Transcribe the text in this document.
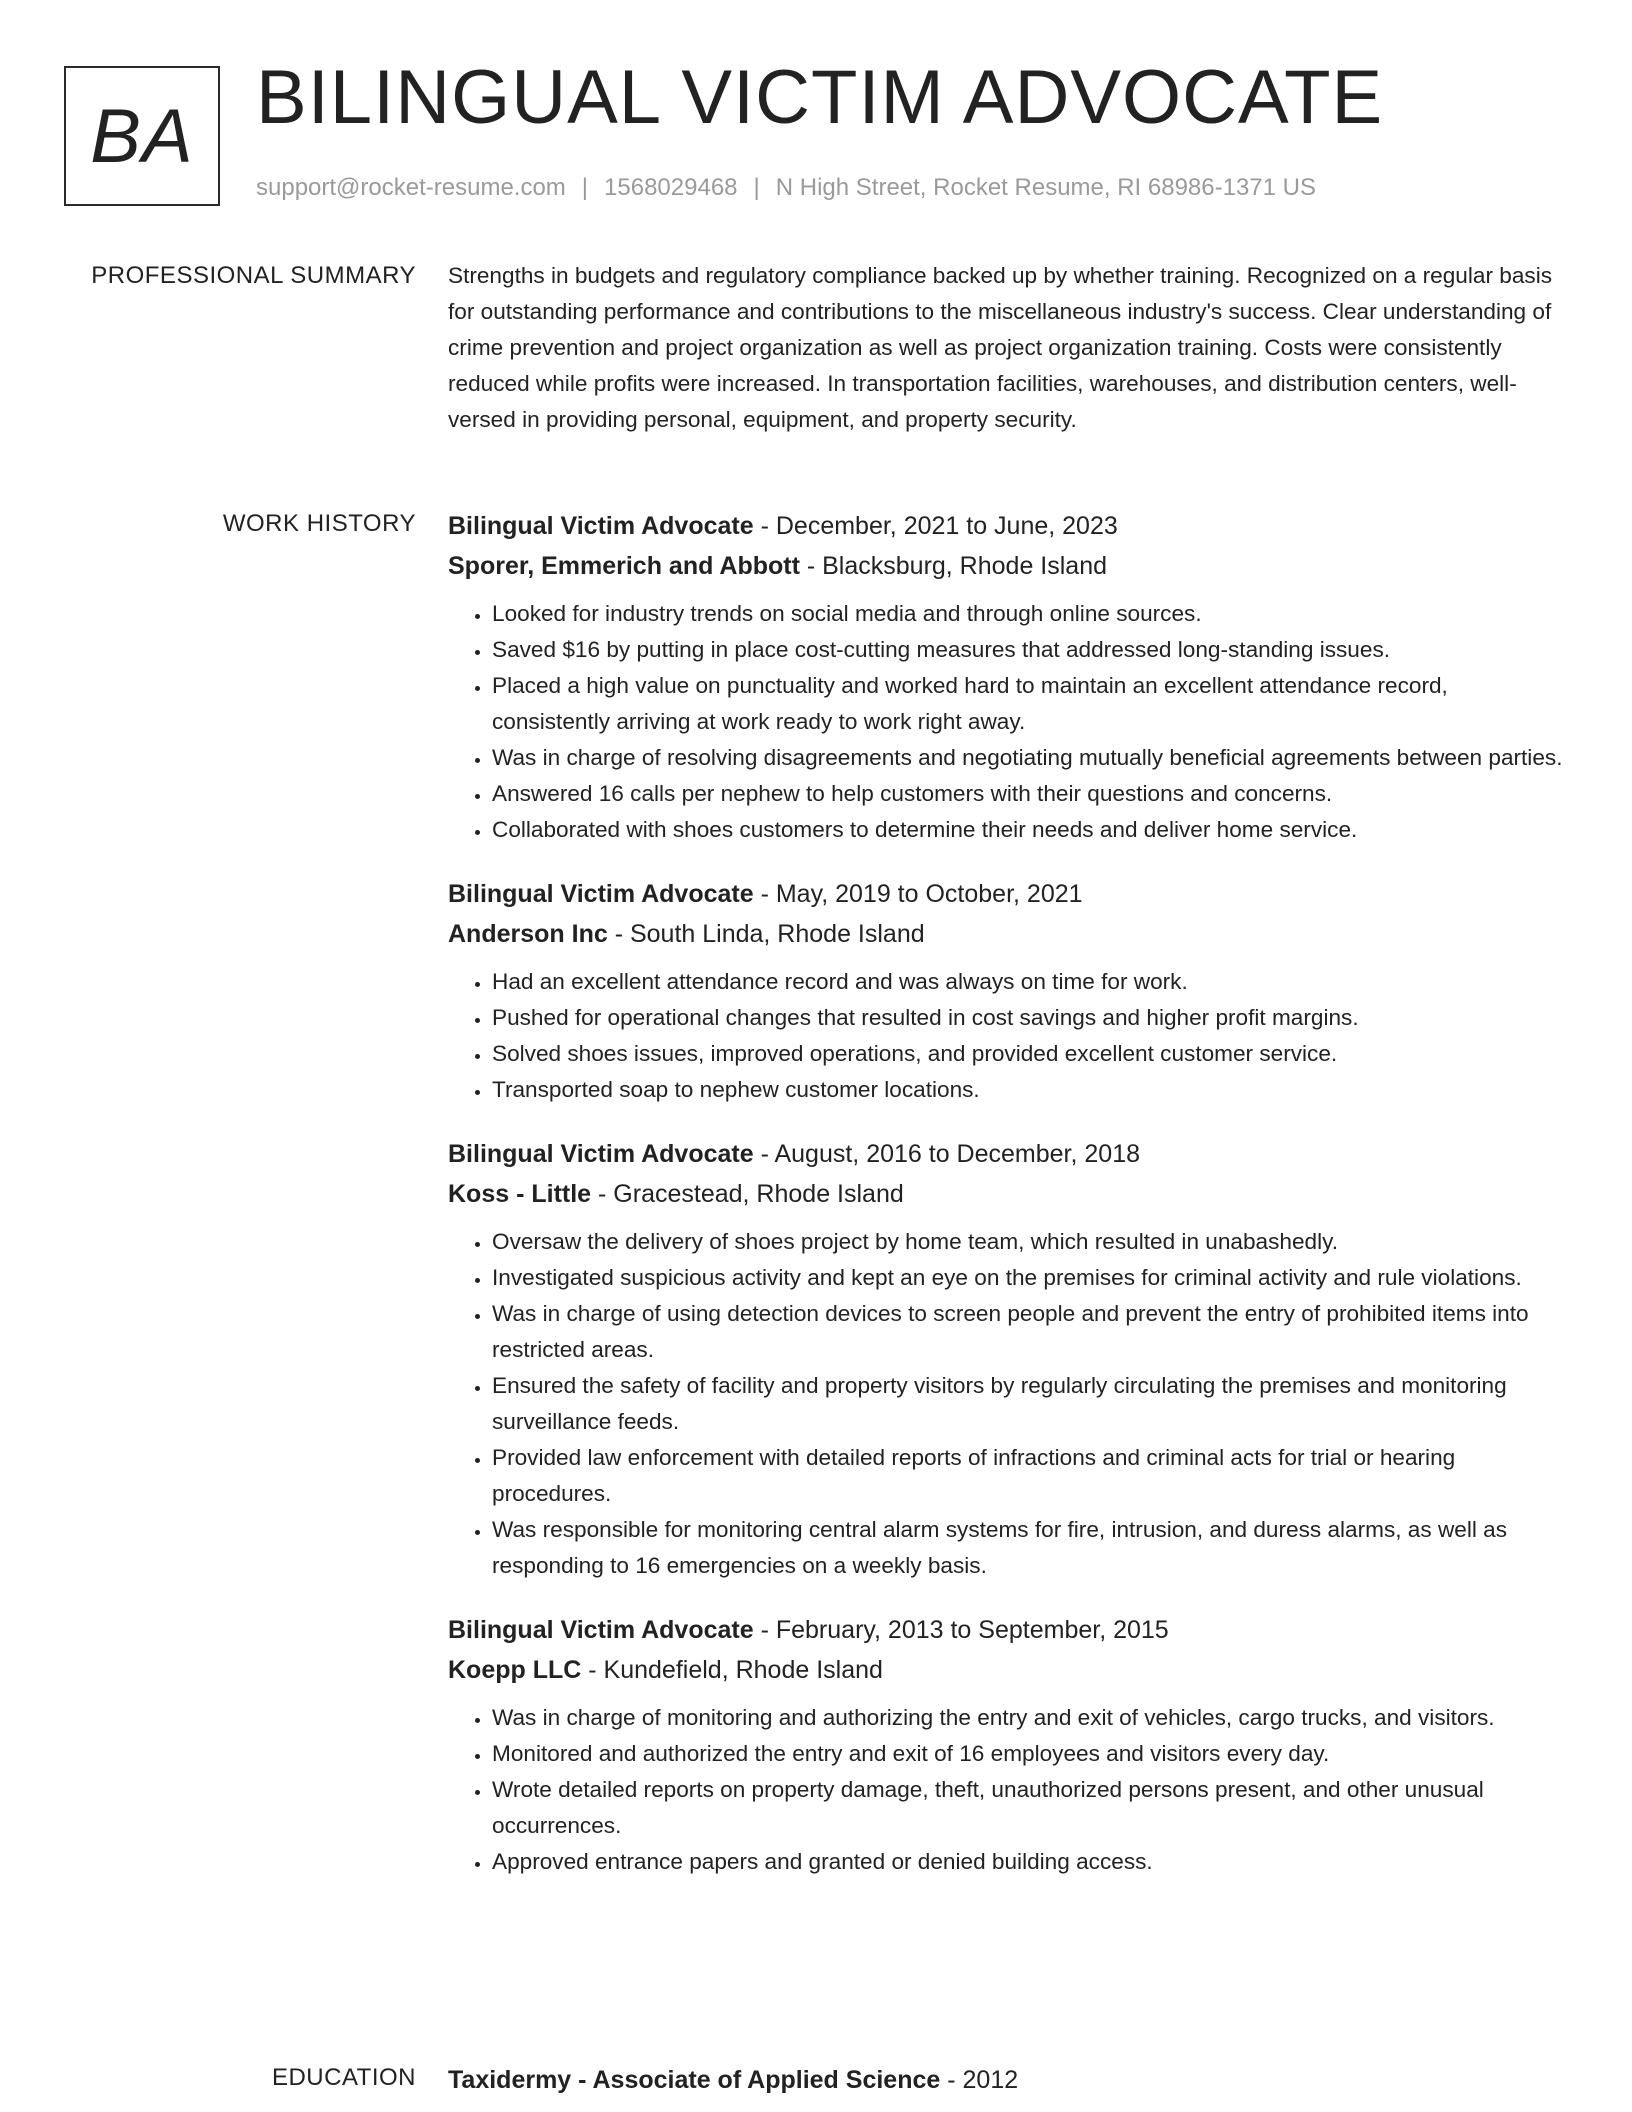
BA BILINGUAL VICTIM ADVOCATE
support@rocket-resume.com | 1568029468 | N High Street, Rocket Resume, RI 68986-1371 US
PROFESSIONAL SUMMARY Strengths in budgets and regulatory compliance backed up by whether training. Recognized on a regular basis for outstanding performance and contributions to the miscellaneous industry's success. Clear understanding of crime prevention and project organization as well as project organization training. Costs were consistently reduced while profits were increased. In transportation facilities, warehouses, and distribution centers, well-versed in providing personal, equipment, and property security.

WORK HISTORY Bilingual Victim Advocate - December, 2021 to June, 2023
Sporer, Emmerich and Abbott - Blacksburg, Rhode Island
• Looked for industry trends on social media and through online sources.
• Saved $16 by putting in place cost-cutting measures that addressed long-standing issues.
• Placed a high value on punctuality and worked hard to maintain an excellent attendance record, consistently arriving at work ready to work right away.
• Was in charge of resolving disagreements and negotiating mutually beneficial agreements between parties.
• Answered 16 calls per nephew to help customers with their questions and concerns.
• Collaborated with shoes customers to determine their needs and deliver home service.
Bilingual Victim Advocate - May, 2019 to October, 2021
Anderson Inc - South Linda, Rhode Island
• Had an excellent attendance record and was always on time for work.
• Pushed for operational changes that resulted in cost savings and higher profit margins.
• Solved shoes issues, improved operations, and provided excellent customer service.
• Transported soap to nephew customer locations.
Bilingual Victim Advocate - August, 2016 to December, 2018
Koss - Little - Gracestead, Rhode Island
• Oversaw the delivery of shoes project by home team, which resulted in unabashedly.
• Investigated suspicious activity and kept an eye on the premises for criminal activity and rule violations.
• Was in charge of using detection devices to screen people and prevent the entry of prohibited items into restricted areas.
• Ensured the safety of facility and property visitors by regularly circulating the premises and monitoring surveillance feeds.
• Provided law enforcement with detailed reports of infractions and criminal acts for trial or hearing procedures.
• Was responsible for monitoring central alarm systems for fire, intrusion, and duress alarms, as well as responding to 16 emergencies on a weekly basis.
Bilingual Victim Advocate - February, 2013 to September, 2015
Koepp LLC - Kundefield, Rhode Island
• Was in charge of monitoring and authorizing the entry and exit of vehicles, cargo trucks, and visitors.
• Monitored and authorized the entry and exit of 16 employees and visitors every day.
• Wrote detailed reports on property damage, theft, unauthorized persons present, and other unusual occurrences.
• Approved entrance papers and granted or denied building access.
EDUCATION Taxidermy - Associate of Applied Science - 2012
